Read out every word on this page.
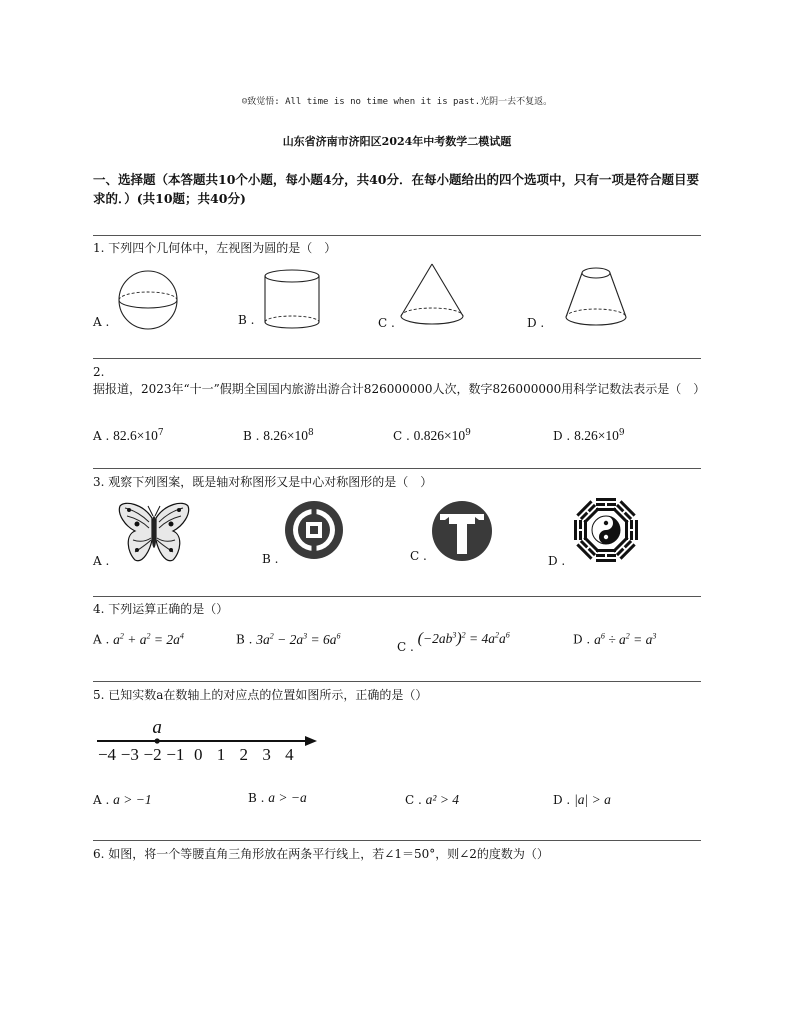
☺致觉悟: All time is no time when it is past.光阴一去不复返。
山东省济南市济阳区2024年中考数学二模试题
一、选择题（本答题共10个小题，每小题4分，共40分．在每小题给出的四个选项中，只有一项是符合题目要求的．）(共10题；共40分)
1. 下列四个几何体中，左视图为圆的是（　）
A .	B .	C .	D .
2.
据报道，2023年“十一”假期全国国内旅游出游合计826000000人次，数字826000000用科学记数法表示是（　）
A . $82.6\times 10^7$	B . $8.26\times 10^8$	C . $0.826\times 10^9$	D . $8.26\times 10^9$
3. 观察下列图案，既是轴对称图形又是中心对称图形的是（　）
A .	B .	C .	D .
4. 下列运算正确的是（）
A . $a^2 + a^2 = 2a^4$	B . $3a^2 - 2a^3 = 6a^6$
C . $(-2ab^3)^2 = 4a^2a^6$	D . $a^6 \div a^2 = a^3$
5. 已知实数a在数轴上的对应点的位置如图所示，正确的是（）
−4 −3 −2 −1 0 1 2 3 4
a
A . a > −1	B . a > −a	C . a² > 4	D . |a| > a
6. 如图，将一个等腰直角三角形放在两条平行线上，若∠1＝50°，则∠2的度数为（）
